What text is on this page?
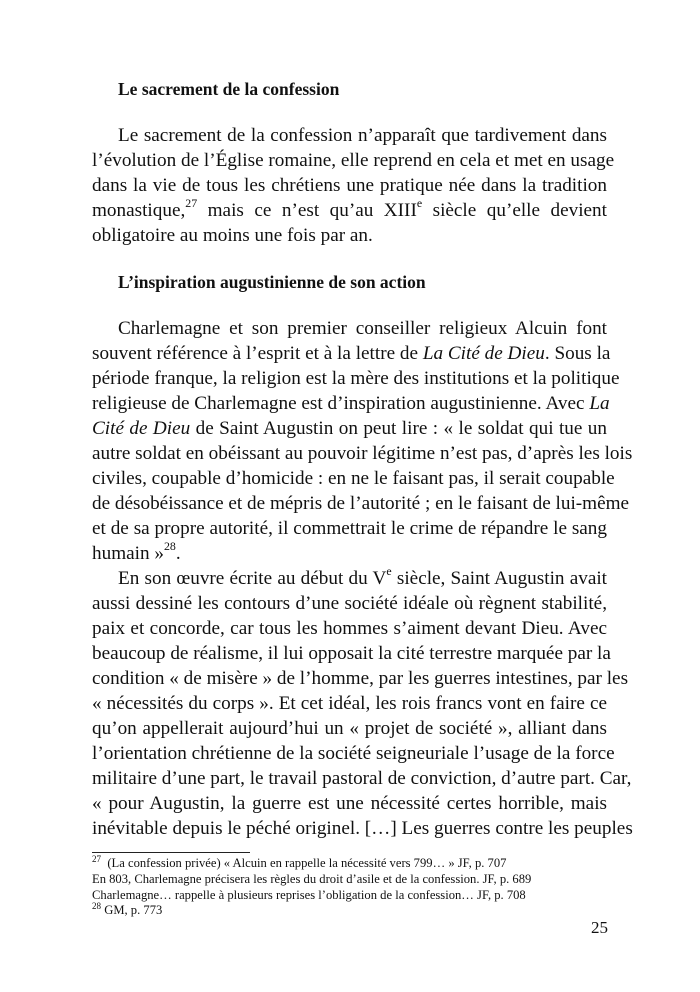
Le sacrement de la confession

Le sacrement de la confession n’apparaît que tardivement dans

l’évolution de l’Église romaine, elle reprend en cela et met en usage

dans la vie de tous les chrétiens une pratique née dans la tradition

monastique,$^{27}$ mais ce n’est qu’au XIIIe siècle qu’elle devient

obligatoire au moins une fois par an.

L’inspiration augustinienne de son action

Charlemagne et son premier conseiller religieux Alcuin font

souvent référence à l’esprit et à la lettre de La Cité de Dieu. Sous la

période franque, la religion est la mère des institutions et la politique

religieuse de Charlemagne est d’inspiration augustinienne. Avec La

Cité de Dieu de Saint Augustin on peut lire : « le soldat qui tue un

autre soldat en obéissant au pouvoir légitime n’est pas, d’après les lois

civiles, coupable d’homicide : en ne le faisant pas, il serait coupable

de désobéissance et de mépris de l’autorité ; en le faisant de lui-même

et de sa propre autorité, il commettrait le crime de répandre le sang

humain »$^{28}$.

En son œuvre écrite au début du Ve siècle, Saint Augustin avait

aussi dessiné les contours d’une société idéale où règnent stabilité,

paix et concorde, car tous les hommes s’aiment devant Dieu. Avec

beaucoup de réalisme, il lui opposait la cité terrestre marquée par la

condition « de misère » de l’homme, par les guerres intestines, par les

« nécessités du corps ». Et cet idéal, les rois francs vont en faire ce

qu’on appellerait aujourd’hui un « projet de société », alliant dans

l’orientation chrétienne de la société seigneuriale l’usage de la force

militaire d’une part, le travail pastoral de conviction, d’autre part. Car,

« pour Augustin, la guerre est une nécessité certes horrible, mais

inévitable depuis le péché originel. […] Les guerres contre les peuples

$^{27}$ (La confession privée) « Alcuin en rappelle la nécessité vers 799… » JF, p. 707

En 803, Charlemagne précisera les règles du droit d’asile et de la confession. JF, p. 689

Charlemagne… rappelle à plusieurs reprises l’obligation de la confession… JF, p. 708

$^{28}$ GM, p. 773

25
